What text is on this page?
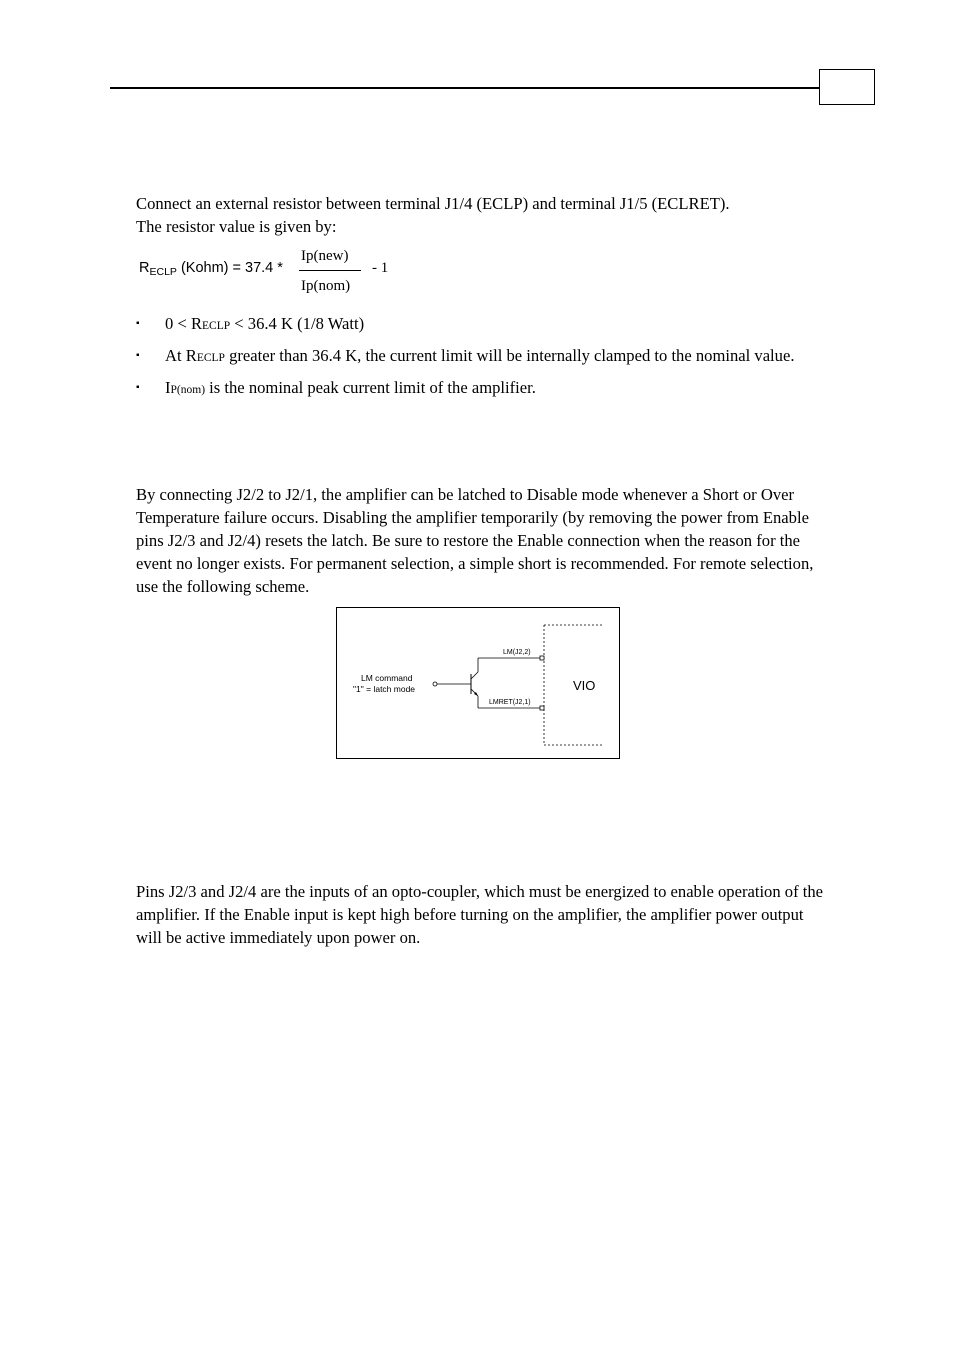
Connect an external resistor between terminal J1/4 (ECLP) and terminal J1/5 (ECLRET).
The resistor value is given by:

$R_{ECLP}$ (Kohm) = 37.4 *
Ip(new)
Ip(nom)
- 1
▪ 0 < RECLP < 36.4 K (1/8 Watt)
▪ At RECLP greater than 36.4 K, the current limit will be internally clamped to the nominal value.
▪ IP(nom) is the nominal peak current limit of the amplifier.

By connecting J2/2 to J2/1, the amplifier can be latched to Disable mode whenever a Short or Over Temperature failure occurs. Disabling the amplifier temporarily (by removing the power from Enable pins J2/3 and J2/4) resets the latch. Be sure to restore the Enable connection when the reason for the event no longer exists. For permanent selection, a simple short is recommended. For remote selection, use the following scheme.

VIO
LM(J2,2)
LMRET(J2,1)
LM command
"1" = latch mode

Pins J2/3 and J2/4 are the inputs of an opto-coupler, which must be energized to enable operation of the amplifier. If the Enable input is kept high before turning on the amplifier, the amplifier power output will be active immediately upon power on.
